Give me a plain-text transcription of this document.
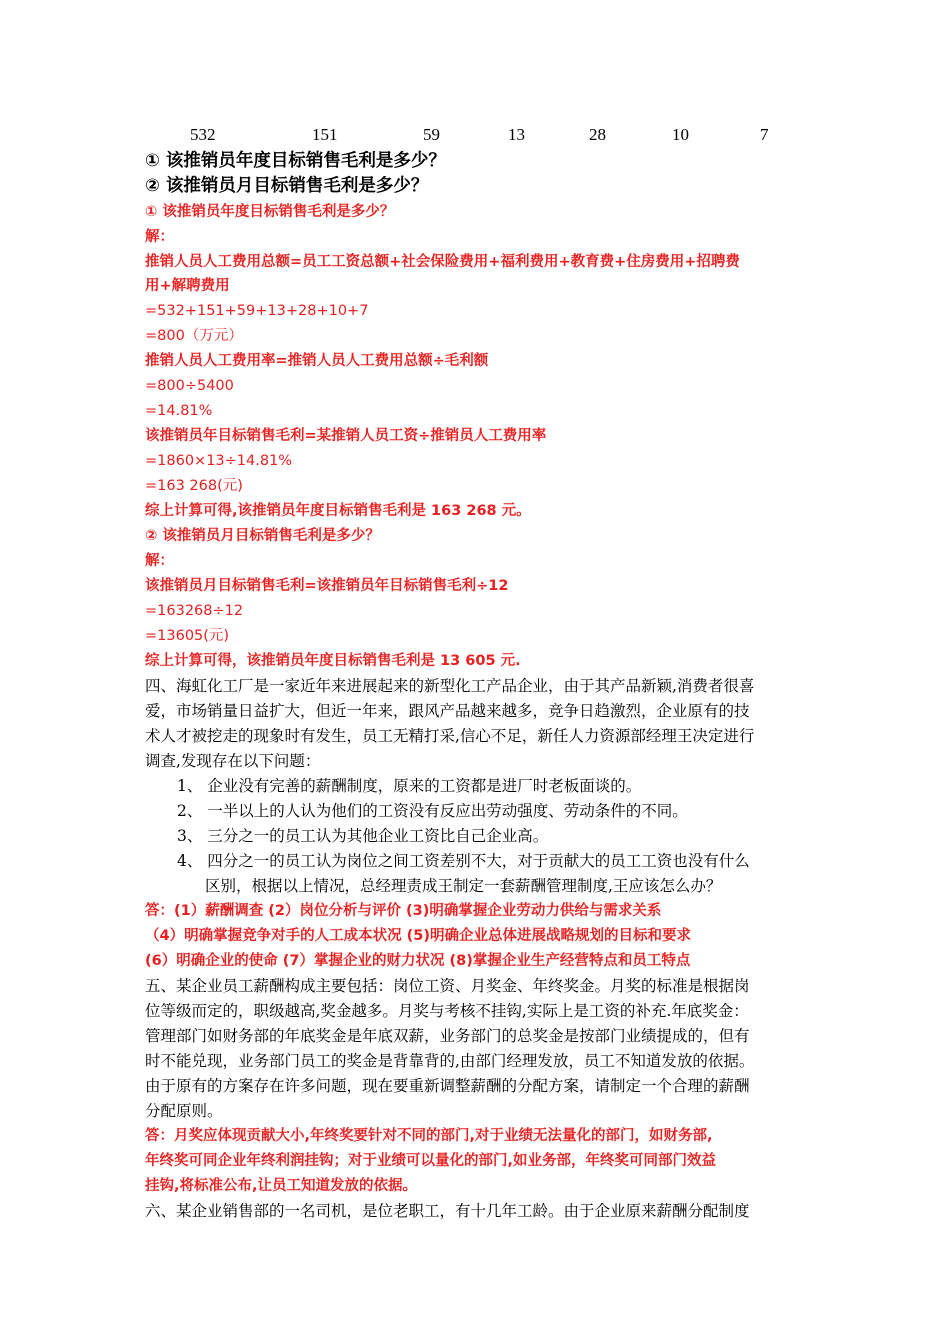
532	151	59	13	28	10	7
① 该推销员年度目标销售毛利是多少？
② 该推销员月目标销售毛利是多少？
① 该推销员年度目标销售毛利是多少？
解：
推销人员人工费用总额=员工工资总额+社会保险费用+福利费用+教育费+住房费用+招聘费
用+解聘费用
=532+151+59+13+28+10+7
=800（万元）
推销人员人工费用率=推销人员人工费用总额÷毛利额
=800÷5400
=14.81%
该推销员年目标销售毛利=某推销人员工资÷推销员人工费用率
=1860×13÷14.81%
=163 268(元)
综上计算可得,该推销员年度目标销售毛利是 163 268 元。
② 该推销员月目标销售毛利是多少？
解：
该推销员月目标销售毛利=该推销员年目标销售毛利÷12
=163268÷12
=13605(元)
综上计算可得，该推销员年度目标销售毛利是 13 605 元.
四、海虹化工厂是一家近年来进展起来的新型化工产品企业，由于其产品新颖,消费者很喜
爱，市场销量日益扩大，但近一年来，跟风产品越来越多，竞争日趋激烈，企业原有的技
术人才被挖走的现象时有发生，员工无精打采,信心不足，新任人力资源部经理王决定进行
调查,发现存在以下问题：
1、 企业没有完善的薪酬制度，原来的工资都是进厂时老板面谈的。
2、 一半以上的人认为他们的工资没有反应出劳动强度、劳动条件的不同。
3、 三分之一的员工认为其他企业工资比自己企业高。
4、 四分之一的员工认为岗位之间工资差别不大，对于贡献大的员工工资也没有什么
区别，根据以上情况，总经理责成王制定一套薪酬管理制度,王应该怎么办？
答：(1）薪酬调查 (2）岗位分析与评价 (3)明确掌握企业劳动力供给与需求关系
（4）明确掌握竞争对手的人工成本状况 (5)明确企业总体进展战略规划的目标和要求
(6）明确企业的使命 (7）掌握企业的财力状况 (8)掌握企业生产经营特点和员工特点
五、某企业员工薪酬构成主要包括：岗位工资、月奖金、年终奖金。月奖的标准是根据岗
位等级而定的，职级越高,奖金越多。月奖与考核不挂钩,实际上是工资的补充.年底奖金：
管理部门如财务部的年底奖金是年底双薪，业务部门的总奖金是按部门业绩提成的，但有
时不能兑现，业务部门员工的奖金是背靠背的,由部门经理发放，员工不知道发放的依据。
由于原有的方案存在许多问题，现在要重新调整薪酬的分配方案，请制定一个合理的薪酬
分配原则。
答：月奖应体现贡献大小,年终奖要针对不同的部门,对于业绩无法量化的部门，如财务部,
年终奖可同企业年终利润挂钩；对于业绩可以量化的部门,如业务部，年终奖可同部门效益
挂钩,将标准公布,让员工知道发放的依据。
六、某企业销售部的一名司机，是位老职工，有十几年工龄。由于企业原来薪酬分配制度
